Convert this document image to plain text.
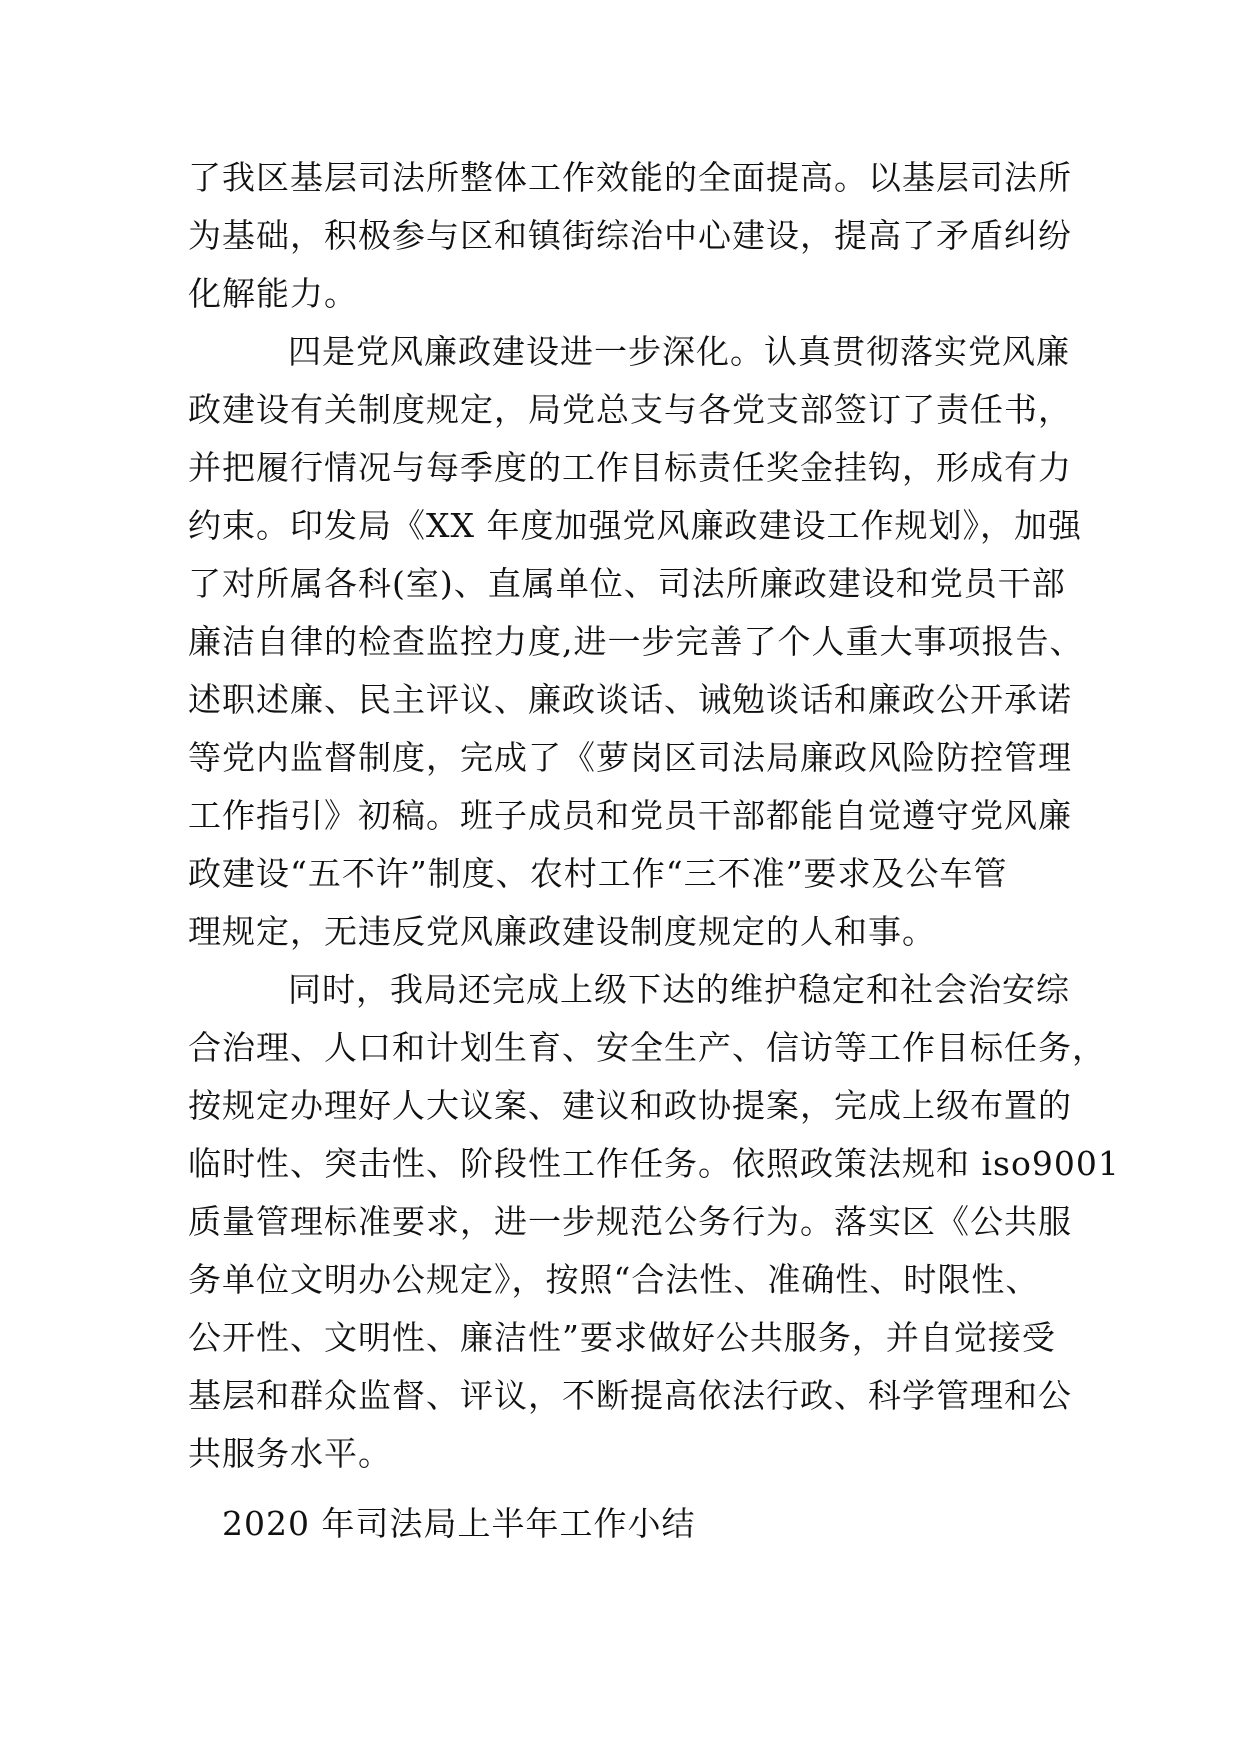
了我区基层司法所整体工作效能的全面提高。以基层司法所
为基础，积极参与区和镇街综治中心建设，提高了矛盾纠纷
化解能力。
四是党风廉政建设进一步深化。认真贯彻落实党风廉
政建设有关制度规定，局党总支与各党支部签订了责任书，
并把履行情况与每季度的工作目标责任奖金挂钩，形成有力
约束。印发局《XX 年度加强党风廉政建设工作规划》，加强
了对所属各科(室)、直属单位、司法所廉政建设和党员干部
廉洁自律的检查监控力度,进一步完善了个人重大事项报告、
述职述廉、民主评议、廉政谈话、诫勉谈话和廉政公开承诺
等党内监督制度，完成了《萝岗区司法局廉政风险防控管理
工作指引》初稿。班子成员和党员干部都能自觉遵守党风廉
政建设“五不许”制度、农村工作“三不准”要求及公车管
理规定，无违反党风廉政建设制度规定的人和事。
同时，我局还完成上级下达的维护稳定和社会治安综
合治理、人口和计划生育、安全生产、信访等工作目标任务，
按规定办理好人大议案、建议和政协提案，完成上级布置的
临时性、突击性、阶段性工作任务。依照政策法规和 iso9001
质量管理标准要求，进一步规范公务行为。落实区《公共服
务单位文明办公规定》，按照“合法性、准确性、时限性、
公开性、文明性、廉洁性”要求做好公共服务，并自觉接受
基层和群众监督、评议，不断提高依法行政、科学管理和公
共服务水平。
2020 年司法局上半年工作小结
